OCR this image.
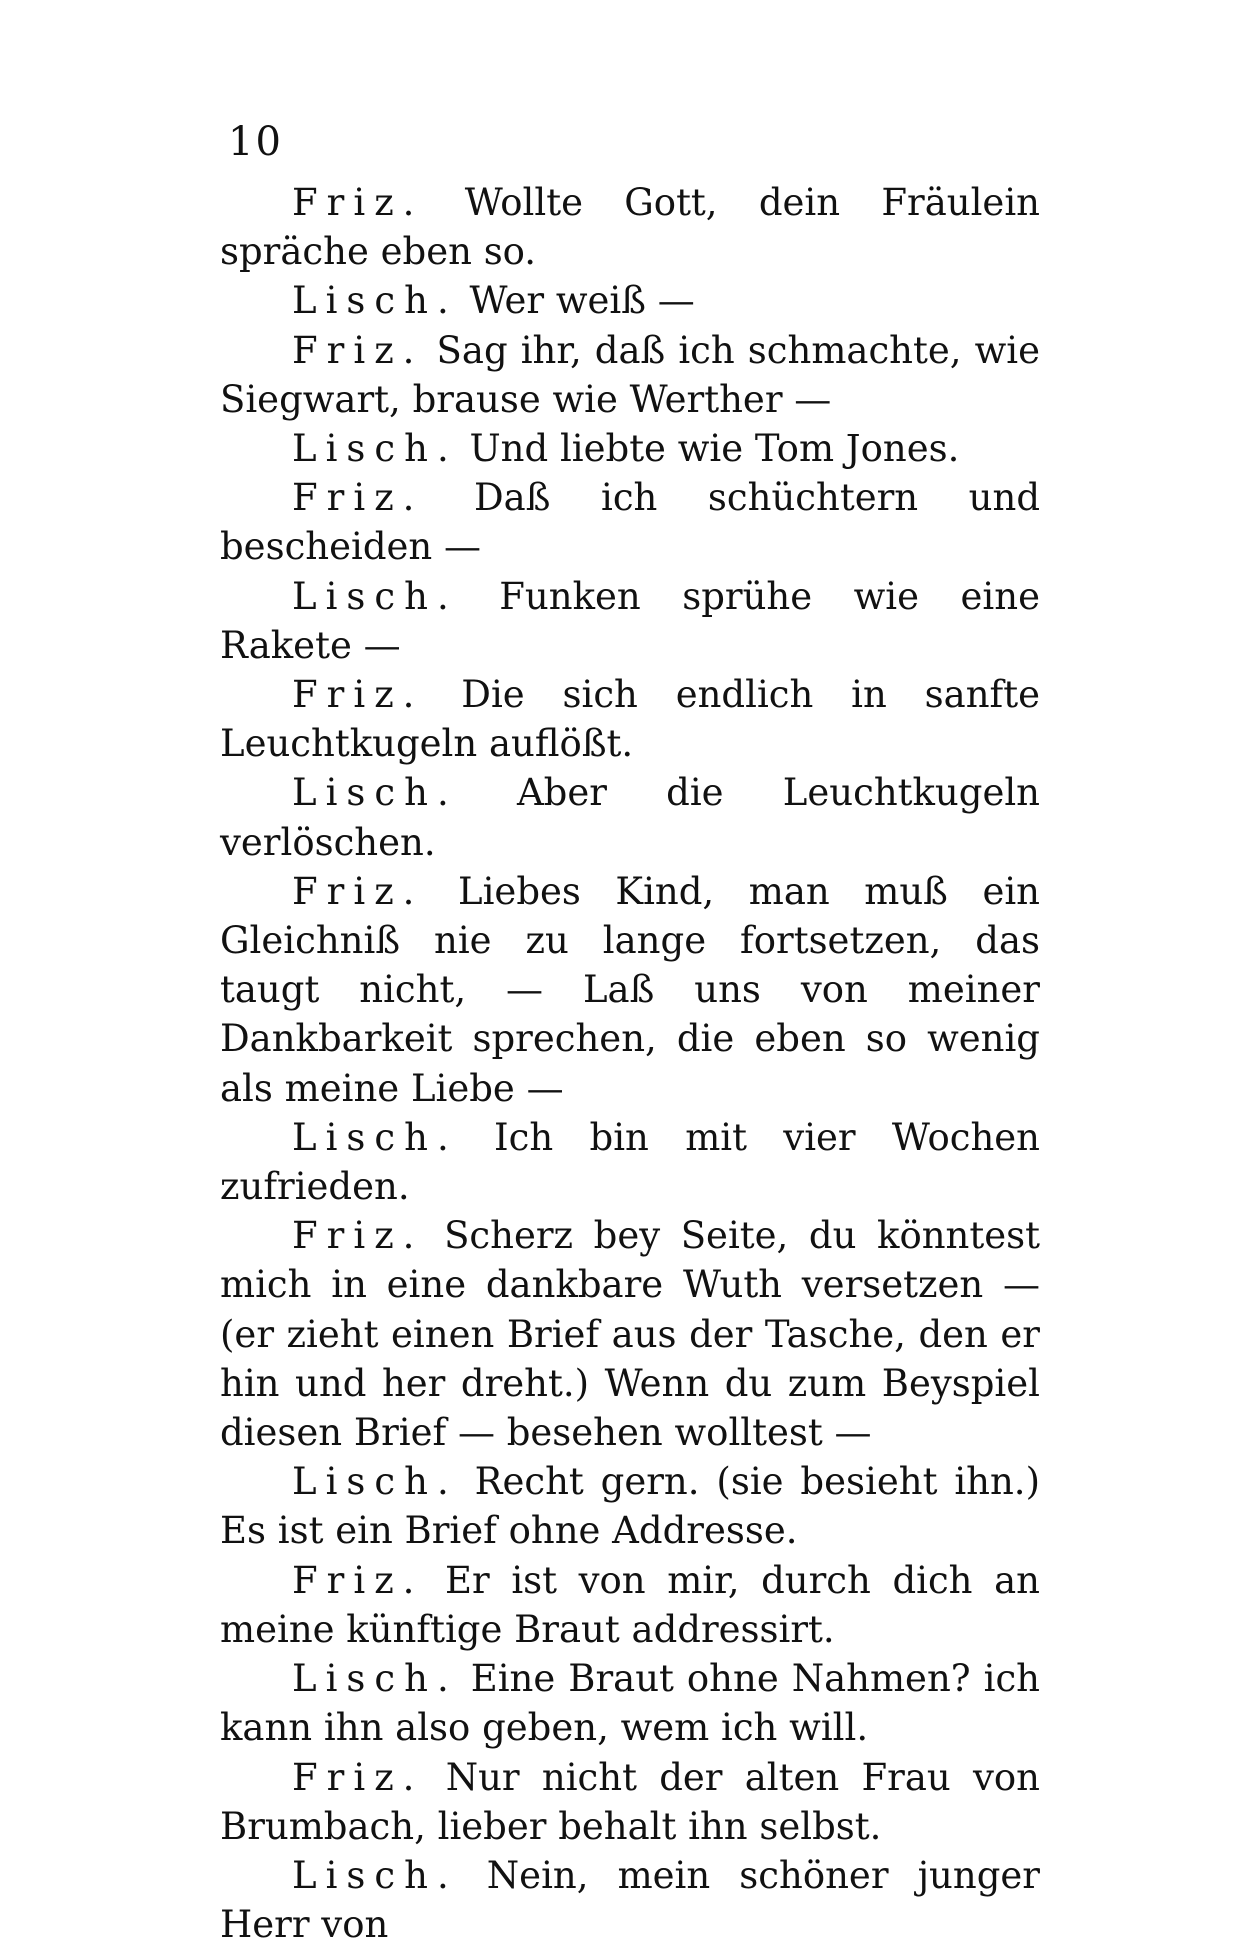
10

Friz. Wollte Gott, dein Fräulein spräche eben so.

Lisch. Wer weiß —

Friz. Sag ihr, daß ich schmachte, wie Siegwart, brause wie Werther —

Lisch. Und liebte wie Tom Jones.

Friz. Daß ich schüchtern und bescheiden —

Lisch. Funken sprühe wie eine Rakete —

Friz. Die sich endlich in sanfte Leuchtkugeln auflößt.

Lisch. Aber die Leuchtkugeln verlöschen.

Friz. Liebes Kind, man muß ein Gleichniß nie zu lange fortsetzen, das taugt nicht, — Laß uns von meiner Dankbarkeit sprechen, die eben so wenig als meine Liebe —

Lisch. Ich bin mit vier Wochen zufrieden.

Friz. Scherz bey Seite, du könntest mich in eine dankbare Wuth versetzen — (er zieht einen Brief aus der Tasche, den er hin und her dreht.) Wenn du zum Beyspiel diesen Brief — besehen wolltest —

Lisch. Recht gern. (sie besieht ihn.) Es ist ein Brief ohne Addresse.

Friz. Er ist von mir, durch dich an meine künftige Braut addressirt.

Lisch. Eine Braut ohne Nahmen? ich kann ihn also geben, wem ich will.

Friz. Nur nicht der alten Frau von Brumbach, lieber behalt ihn selbst.

Lisch. Nein, mein schöner junger Herr von
